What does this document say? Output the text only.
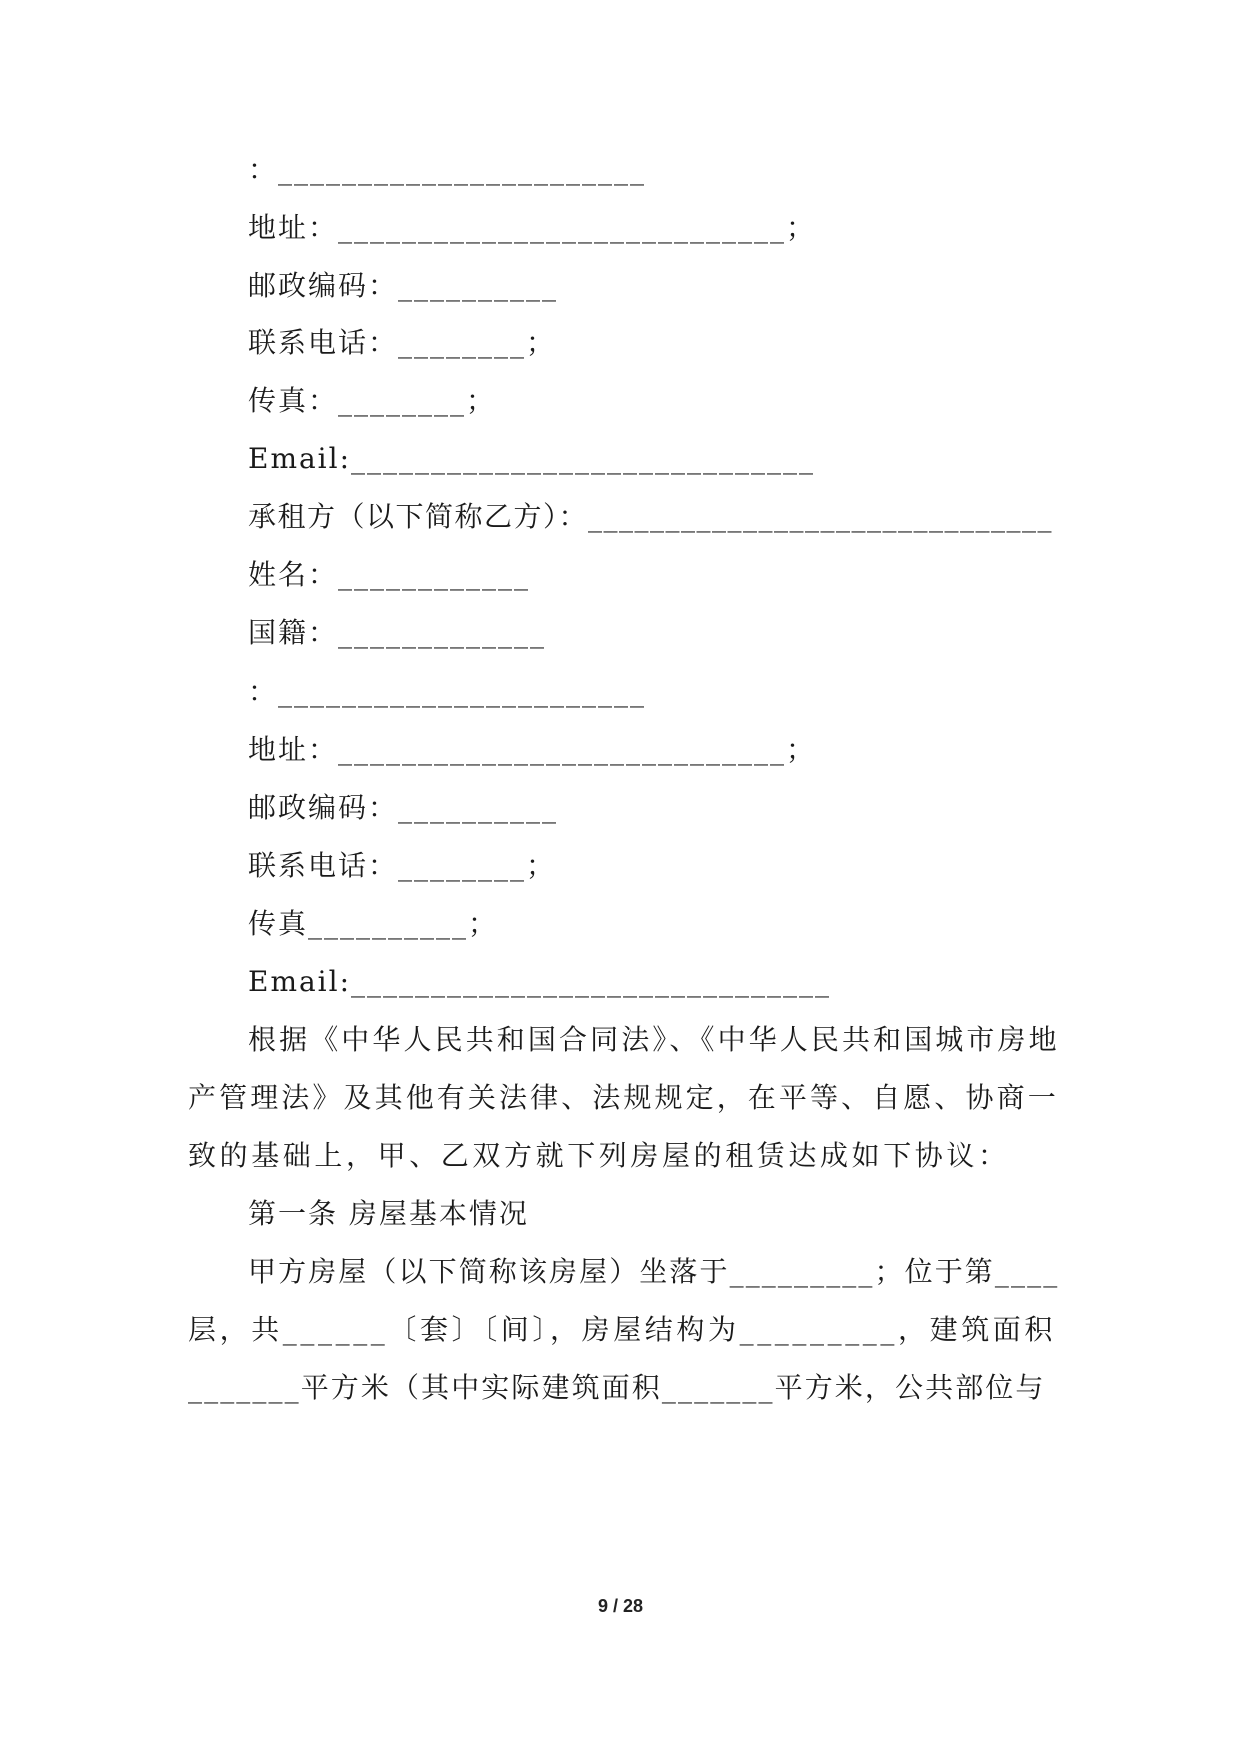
：_______________________
地址：____________________________；
邮政编码：__________
联系电话：________；
传真：________；
Email:_____________________________
承租方（以下简称乙方）：______________________________
姓名：____________
国籍：_____________
：_______________________
地址：____________________________；
邮政编码：__________
联系电话：________；
传真__________；
Email:______________________________
根据《中华人民共和国合同法》、《中华人民共和国城市房地
产管理法》及其他有关法律、法规规定，在平等、自愿、协商一
致的基础上，甲、乙双方就下列房屋的租赁达成如下协议：
第一条 房屋基本情况
甲方房屋（以下简称该房屋）坐落于_________；位于第____
层，共______〔套〕〔间〕，房屋结构为_________，建筑面积
_______平方米（其中实际建筑面积_______平方米，公共部位与
9 / 28
